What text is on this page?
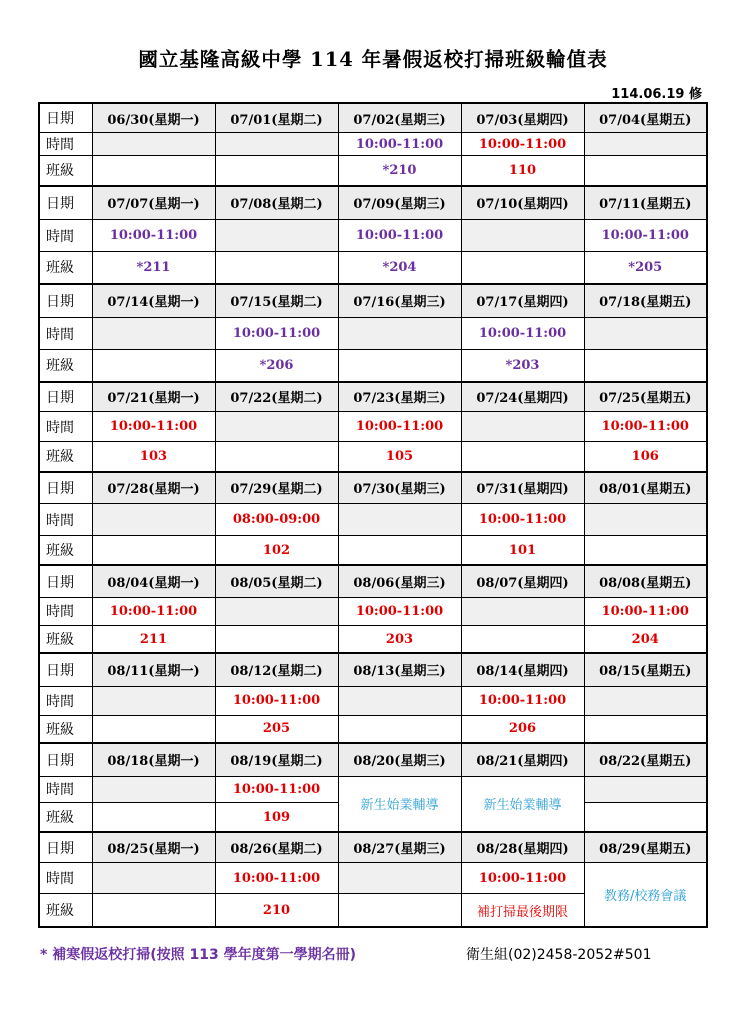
國立基隆高級中學 114 年暑假返校打掃班級輪值表
114.06.19 修
日期	06/30(星期一)	07/01(星期二)	07/02(星期三)	07/03(星期四)	07/04(星期五)
時間			10:00-11:00	10:00-11:00	
班級			*210	110	
日期	07/07(星期一)	07/08(星期二)	07/09(星期三)	07/10(星期四)	07/11(星期五)
時間	10:00-11:00		10:00-11:00		10:00-11:00
班級	*211		*204		*205
日期	07/14(星期一)	07/15(星期二)	07/16(星期三)	07/17(星期四)	07/18(星期五)
時間		10:00-11:00		10:00-11:00	
班級		*206		*203	
日期	07/21(星期一)	07/22(星期二)	07/23(星期三)	07/24(星期四)	07/25(星期五)
時間	10:00-11:00		10:00-11:00		10:00-11:00
班級	103		105		106
日期	07/28(星期一)	07/29(星期二)	07/30(星期三)	07/31(星期四)	08/01(星期五)
時間		08:00-09:00		10:00-11:00	
班級		102		101	
日期	08/04(星期一)	08/05(星期二)	08/06(星期三)	08/07(星期四)	08/08(星期五)
時間	10:00-11:00		10:00-11:00		10:00-11:00
班級	211		203		204
日期	08/11(星期一)	08/12(星期二)	08/13(星期三)	08/14(星期四)	08/15(星期五)
時間		10:00-11:00		10:00-11:00	
班級		205		206	
日期	08/18(星期一)	08/19(星期二)	08/20(星期三)	08/21(星期四)	08/22(星期五)
時間		10:00-11:00	新生始業輔導	新生始業輔導	
班級		109			
日期	08/25(星期一)	08/26(星期二)	08/27(星期三)	08/28(星期四)	08/29(星期五)
時間		10:00-11:00		10:00-11:00	教務/校務會議
班級		210		補打掃最後期限	
* 補寒假返校打掃(按照 113 學年度第一學期名冊)	衛生組(02)2458-2052#501
